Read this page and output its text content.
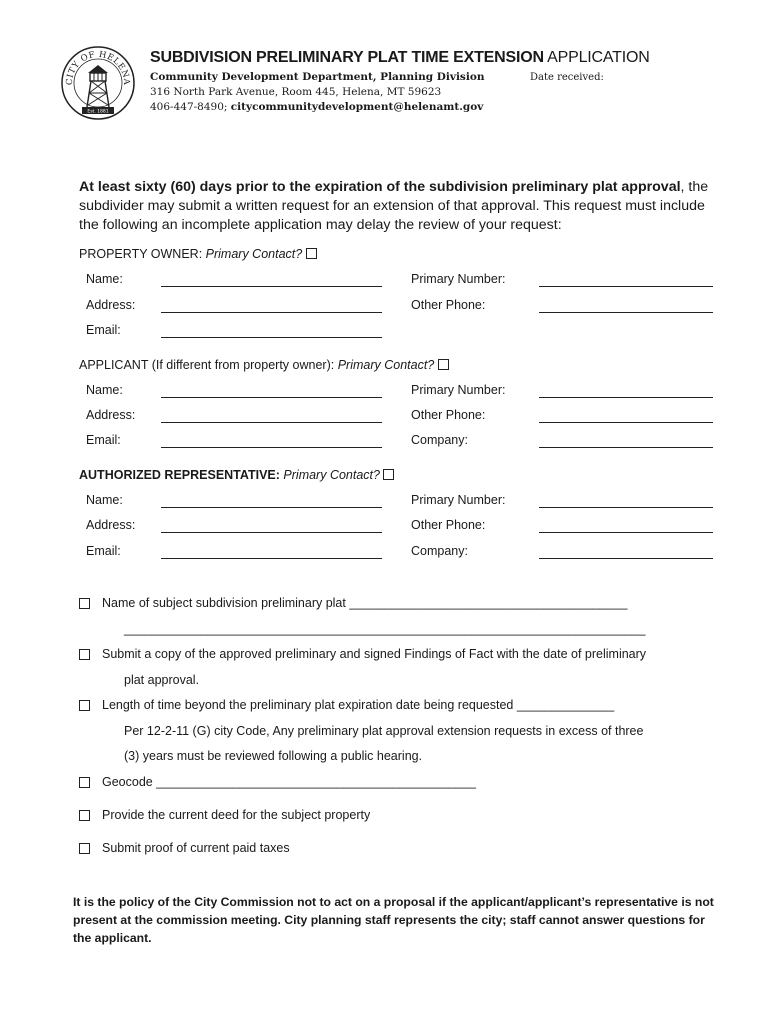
CITY OF HELENA
Est. 1881
SUBDIVISION PRELIMINARY PLAT TIME EXTENSION APPLICATION
Community Development Department, Planning Division	Date received:
316 North Park Avenue, Room 445, Helena, MT 59623
406-447-8490; citycommunitydevelopment@helenamt.gov
At least sixty (60) days prior to the expiration of the subdivision preliminary plat approval, the subdivider may submit a written request for an extension of that approval. This request must include the following an incomplete application may delay the review of your request:
PROPERTY OWNER: Primary Contact?
Name:	Primary Number:
Address:	Other Phone:
Email:
APPLICANT (If different from property owner): Primary Contact?
Name:	Primary Number:
Address:	Other Phone:
Email:	Company:
AUTHORIZED REPRESENTATIVE: Primary Contact?
Name:	Primary Number:
Address:	Other Phone:
Email:	Company:
Name of subject subdivision preliminary plat ________________________________________
___________________________________________________________________________
Submit a copy of the approved preliminary and signed Findings of Fact with the date of preliminary
plat approval.
Length of time beyond the preliminary plat expiration date being requested ______________
Per 12-2-11 (G) city Code, Any preliminary plat approval extension requests in excess of three
(3) years must be reviewed following a public hearing.
Geocode ______________________________________________
Provide the current deed for the subject property
Submit proof of current paid taxes
It is the policy of the City Commission not to act on a proposal if the applicant/applicant’s representative is not present at the commission meeting. City planning staff represents the city; staff cannot answer questions for the applicant.
